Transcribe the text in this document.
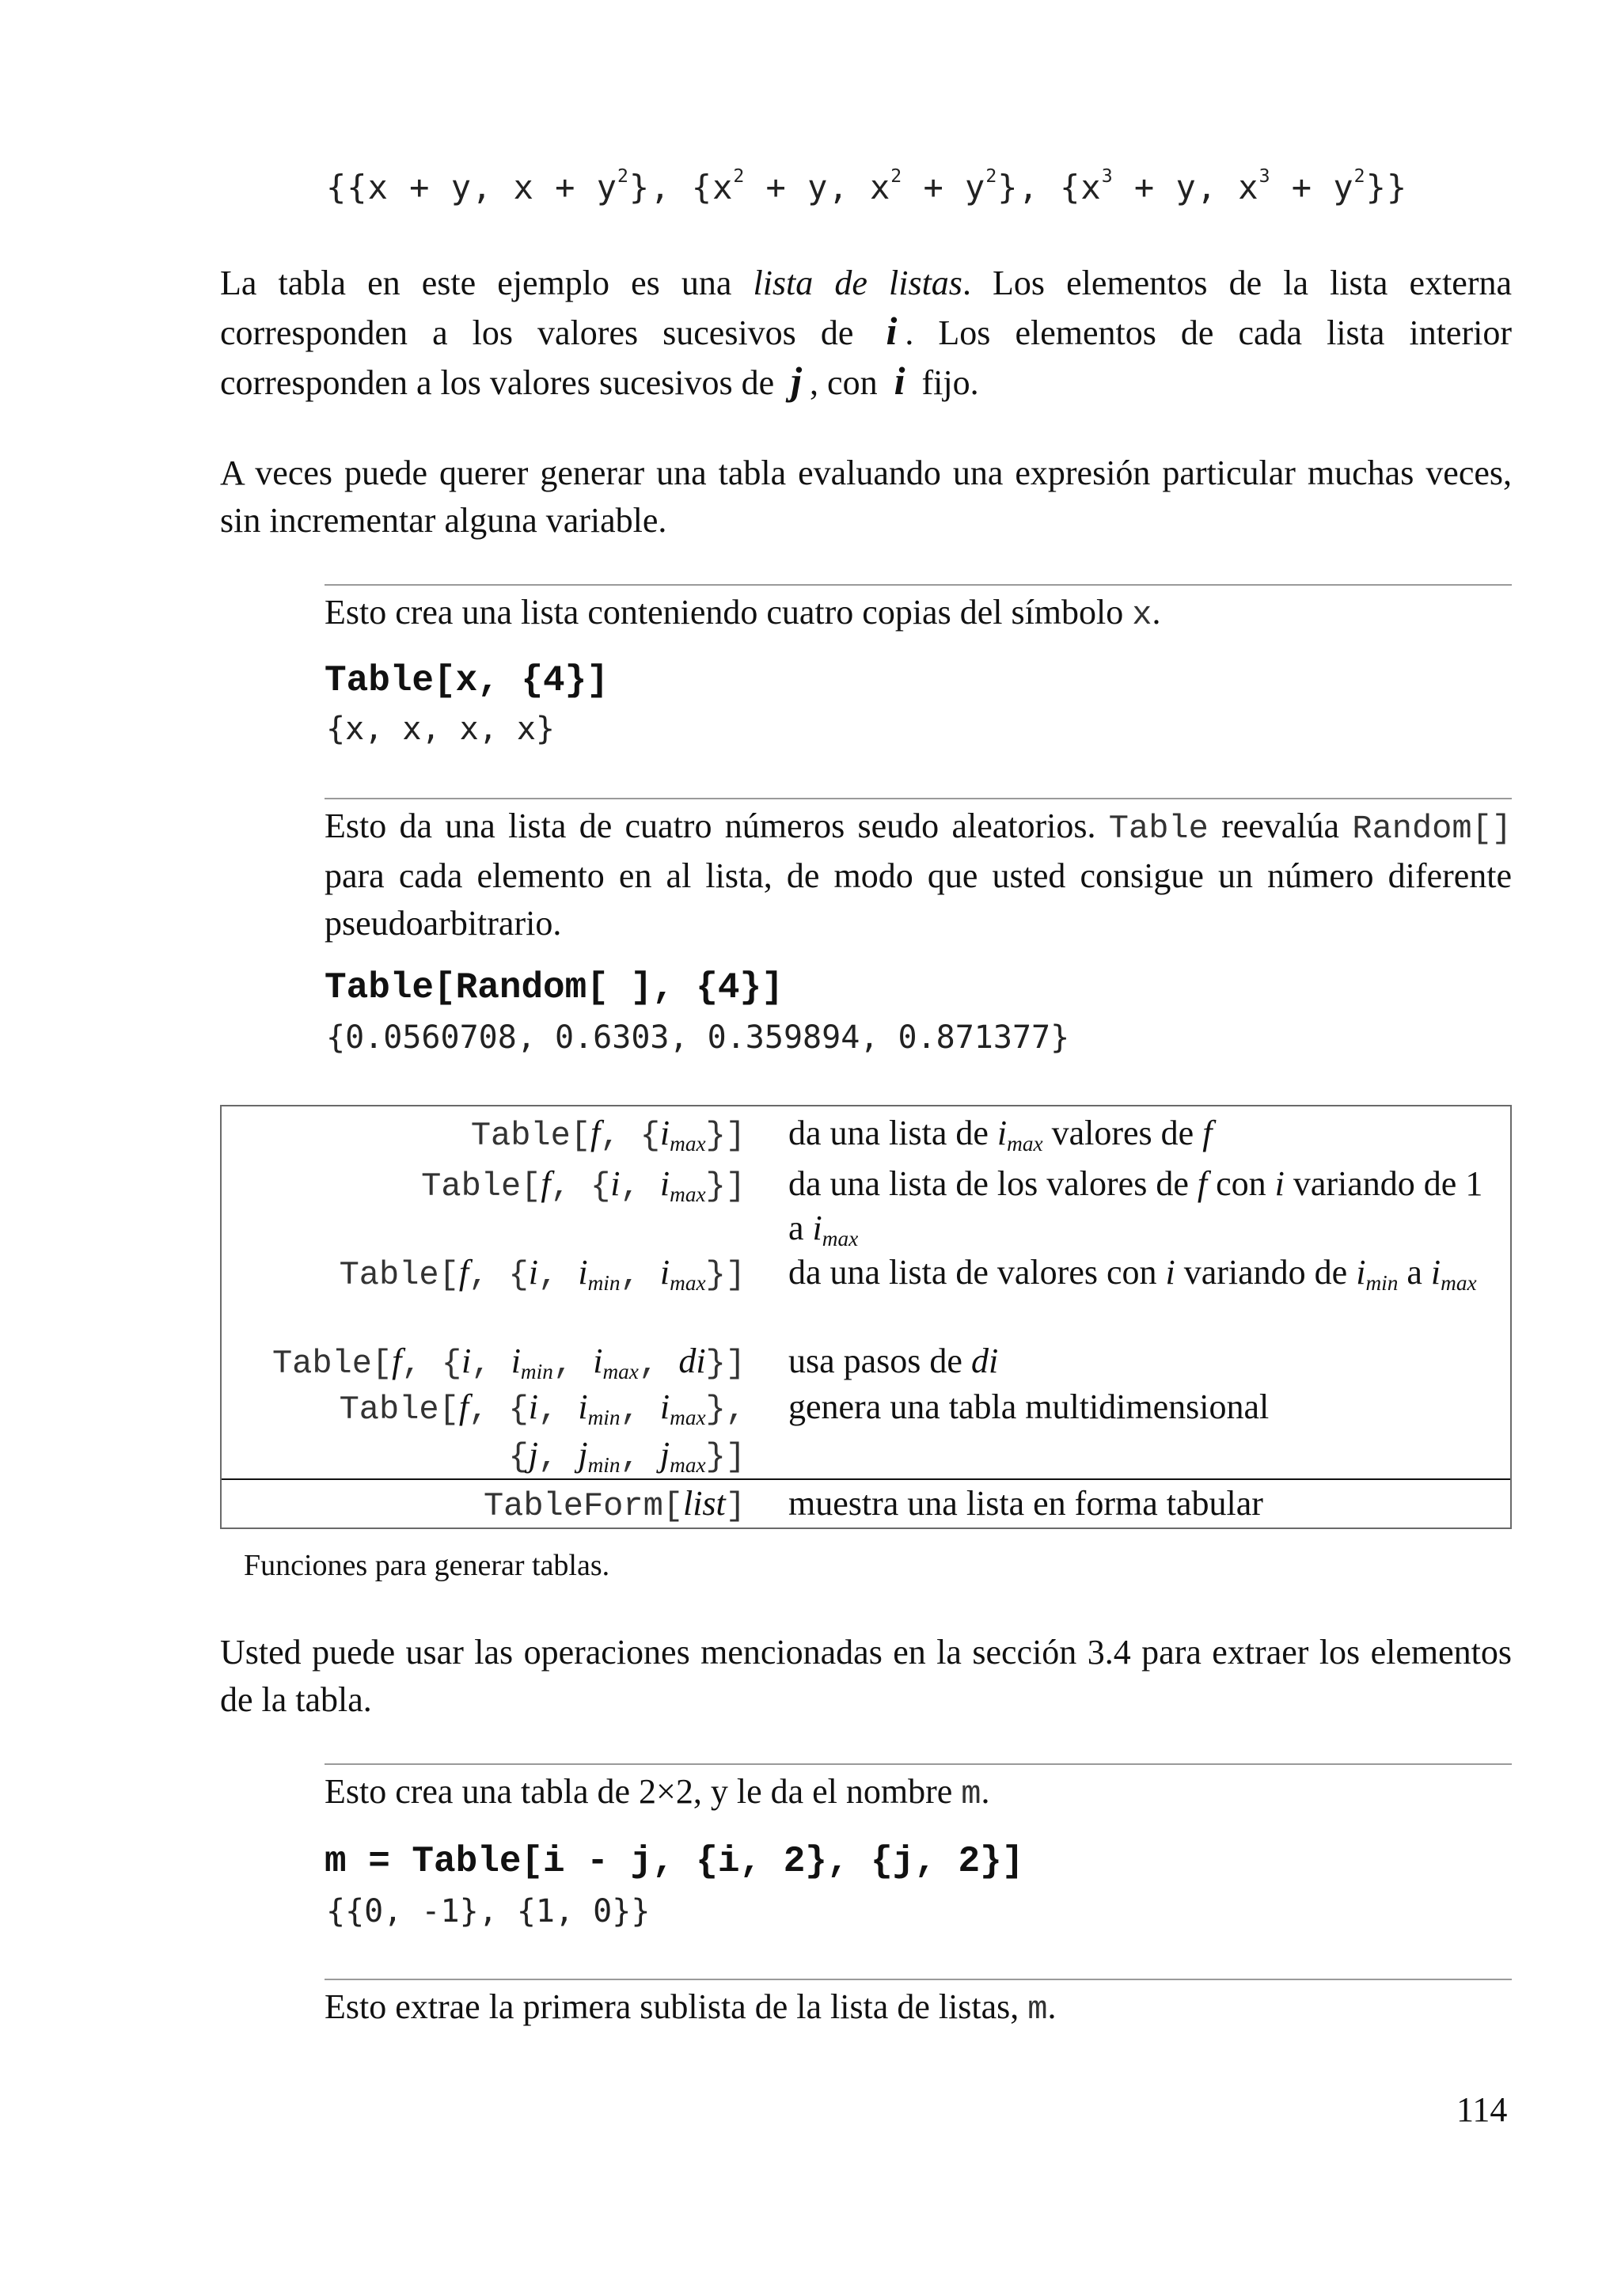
{{x + y, $x + y^2$}, {$x^2 + y$, $x^2 + y^2$}, {$x^3 + y$, $x^3 + y^2$}}
La tabla en este ejemplo es una lista de listas. Los elementos de la lista externa corresponden a los valores sucesivos de i . Los elementos de cada lista interior corresponden a los valores sucesivos de j , con i fijo.
A veces puede querer generar una tabla evaluando una expresión particular muchas veces, sin incrementar alguna variable.
Esto crea una lista conteniendo cuatro copias del símbolo x.
Table[x, {4}]
{x, x, x, x}
Esto da una lista de cuatro números seudo aleatorios. Table reevalúa Random[] para cada elemento en al lista, de modo que usted consigue un número diferente pseudoarbitrario.
Table[Random[ ], {4}]
{0.0560708, 0.6303, 0.359894, 0.871377}
Table[f, $\{i_{max}\}$] da una lista de $i_{max}$ valores de f
Table[f, {i, $i_{max}$}] da una lista de los valores de f con i variando de 1 a $i_{max}$
Table[f, {i, $i_{min}$, $i_{max}$}] da una lista de valores con i variando de $i_{min}$ a $i_{max}$
Table[f, {i, $i_{min}$, $i_{max}$, di}] usa pasos de di
Table[f, {i, $i_{min}$, $i_{max}$}, genera una tabla multidimensional
{j, $j_{min}$, $j_{max}$}]
TableForm[list] muestra una lista en forma tabular
Funciones para generar tablas.
Usted puede usar las operaciones mencionadas en la sección 3.4 para extraer los elementos de la tabla.
Esto crea una tabla de 2×2, y le da el nombre m.
m = Table[i - j, {i, 2}, {j, 2}]
{{0, -1}, {1, 0}}
Esto extrae la primera sublista de la lista de listas, m.
114
